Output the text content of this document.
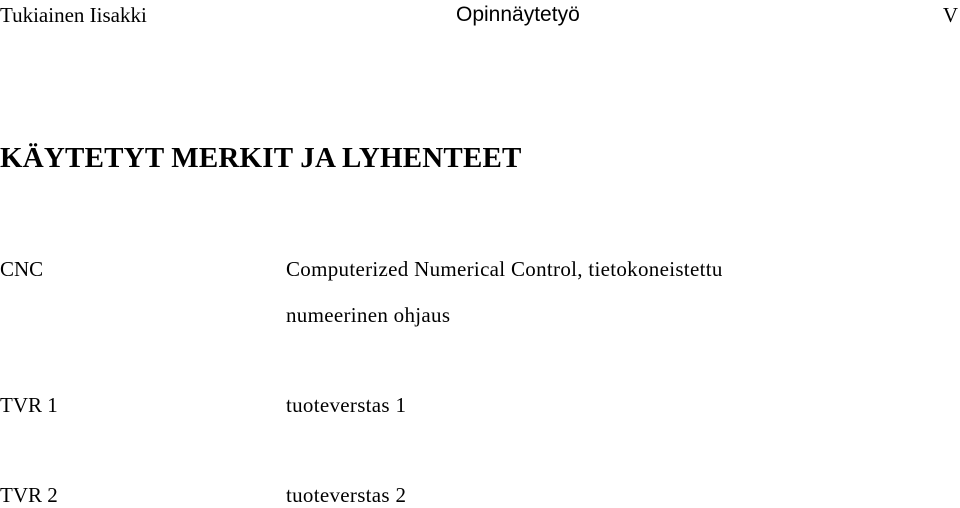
Tukiainen Iisakki	Opinnäytetyö	V
KÄYTETYT MERKIT JA LYHENTEET
CNC	Computerized Numerical Control, tietokoneistettu
numeerinen ohjaus
TVR 1	tuoteverstas 1
TVR 2	tuoteverstas 2
